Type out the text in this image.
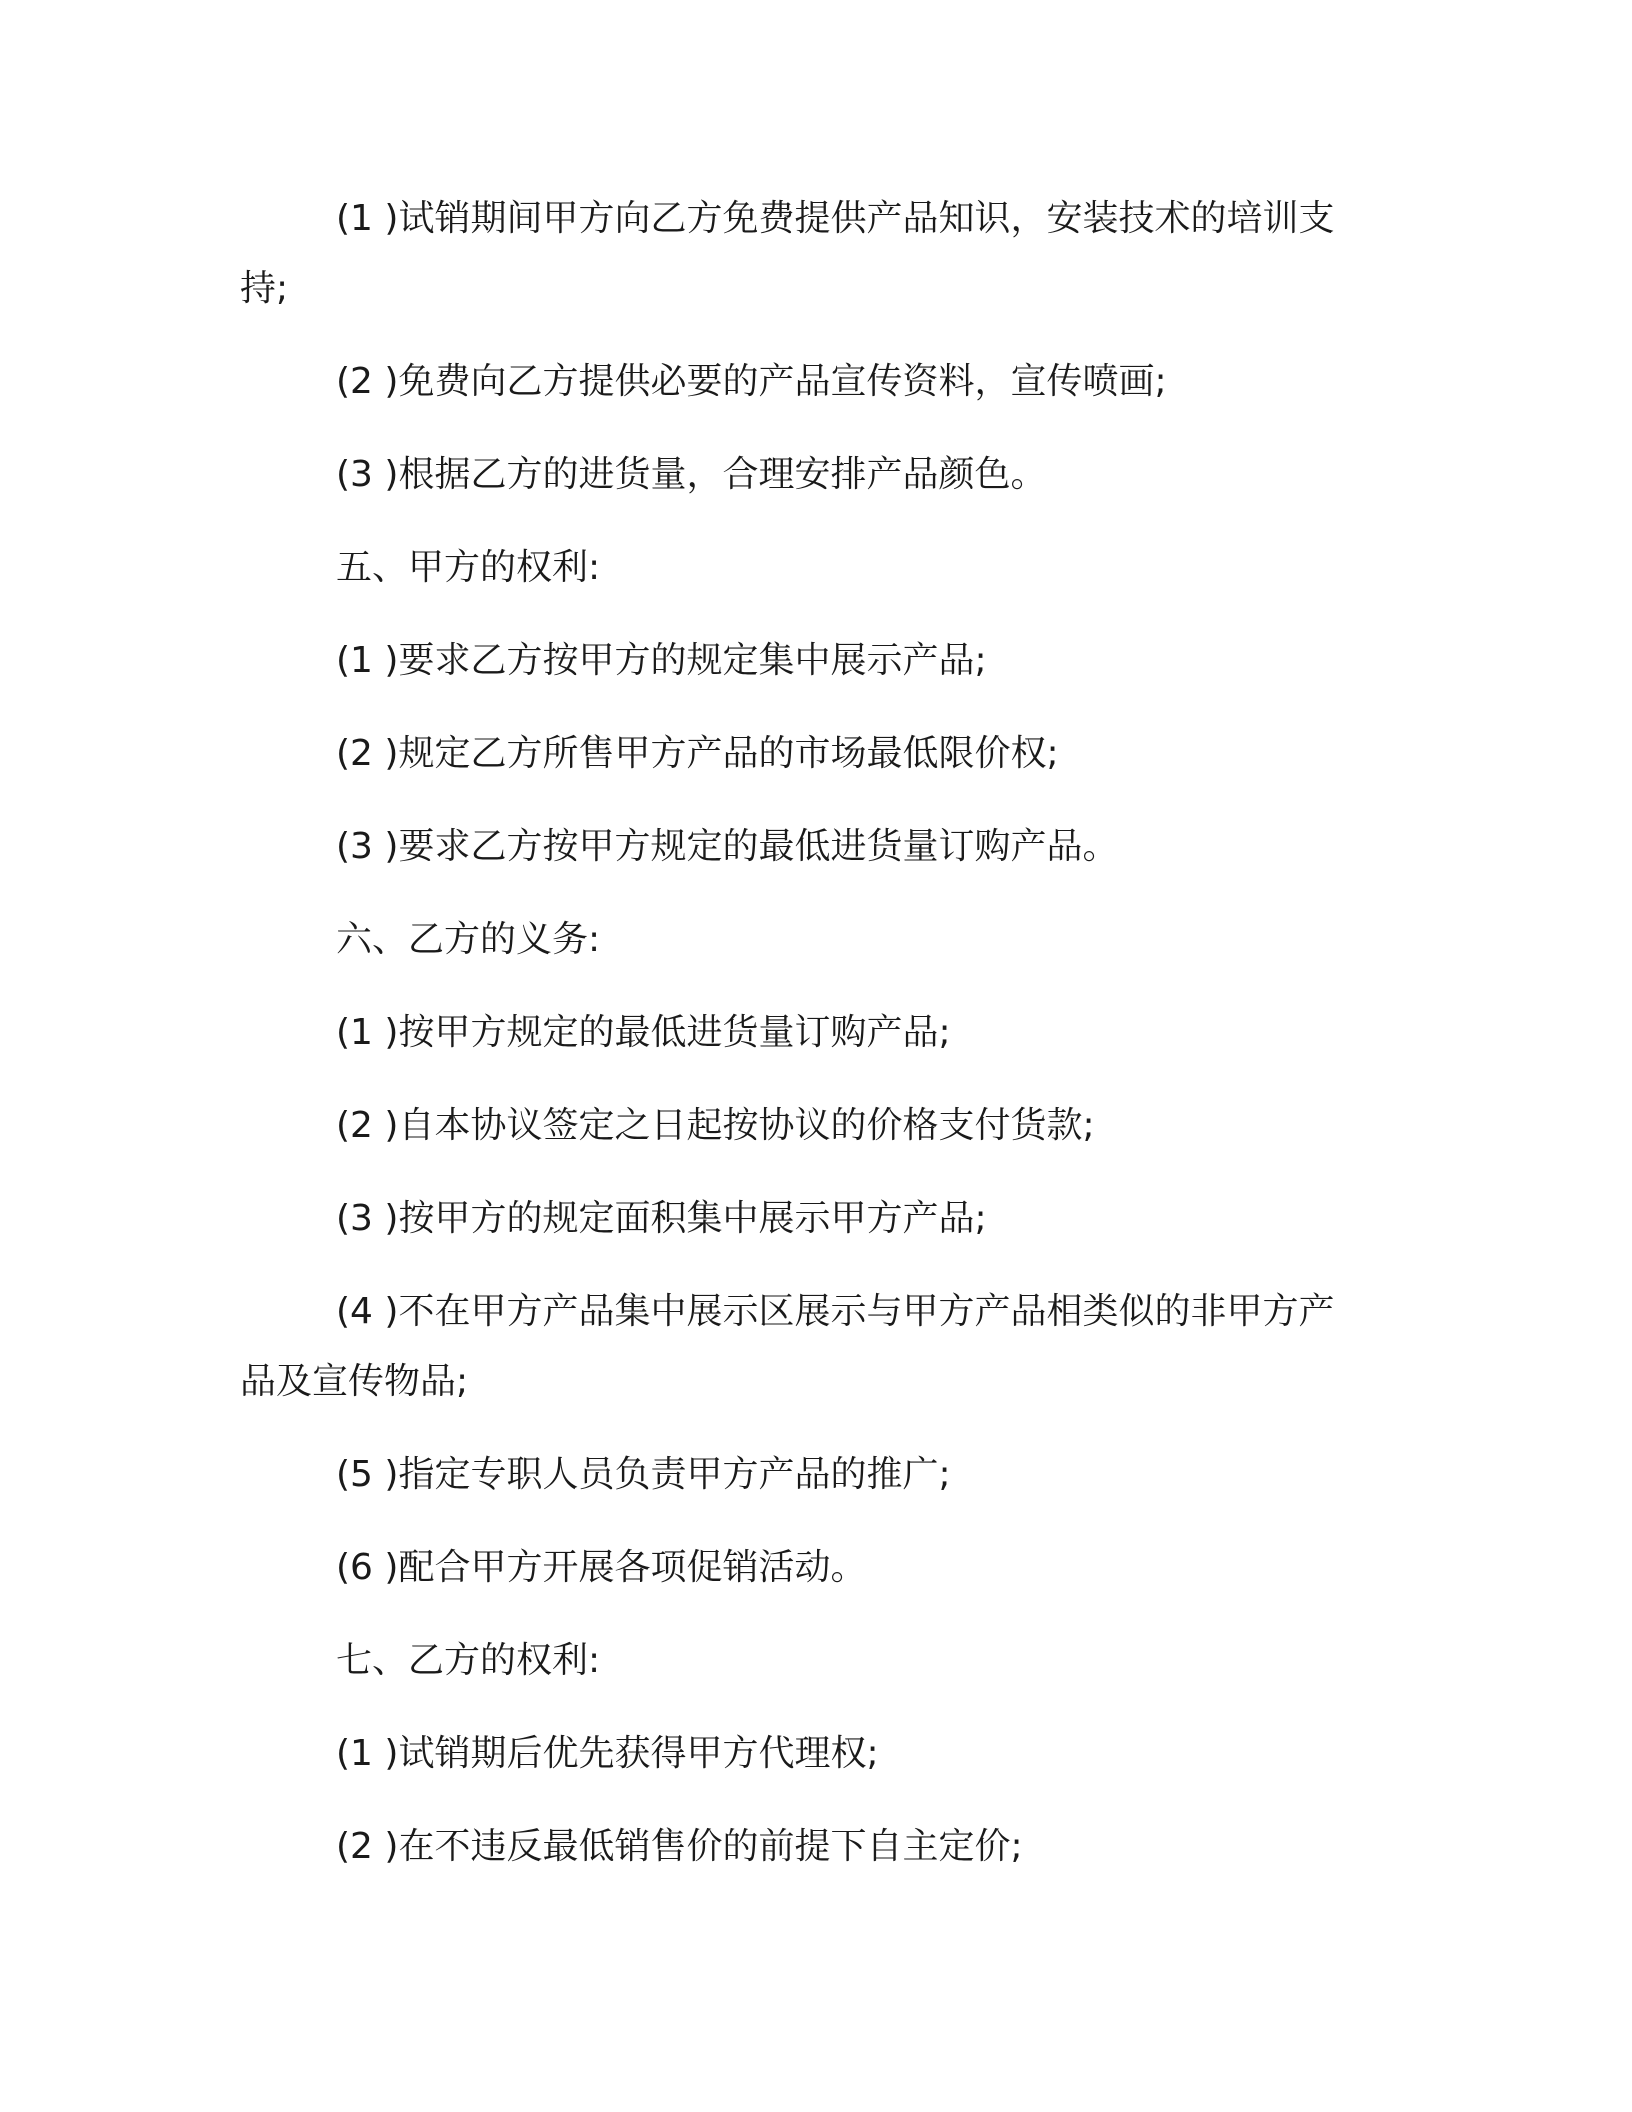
(1 )试销期间甲方向乙方免费提供产品知识，安装技术的培训支持;

(2 )免费向乙方提供必要的产品宣传资料，宣传喷画;

(3 )根据乙方的进货量，合理安排产品颜色。

五、甲方的权利:

(1 )要求乙方按甲方的规定集中展示产品;

(2 )规定乙方所售甲方产品的市场最低限价权;

(3 )要求乙方按甲方规定的最低进货量订购产品。

六、乙方的义务:

(1 )按甲方规定的最低进货量订购产品;

(2 )自本协议签定之日起按协议的价格支付货款;

(3 )按甲方的规定面积集中展示甲方产品;

(4 )不在甲方产品集中展示区展示与甲方产品相类似的非甲方产品及宣传物品;

(5 )指定专职人员负责甲方产品的推广;

(6 )配合甲方开展各项促销活动。

七、乙方的权利:

(1 )试销期后优先获得甲方代理权;

(2 )在不违反最低销售价的前提下自主定价;
